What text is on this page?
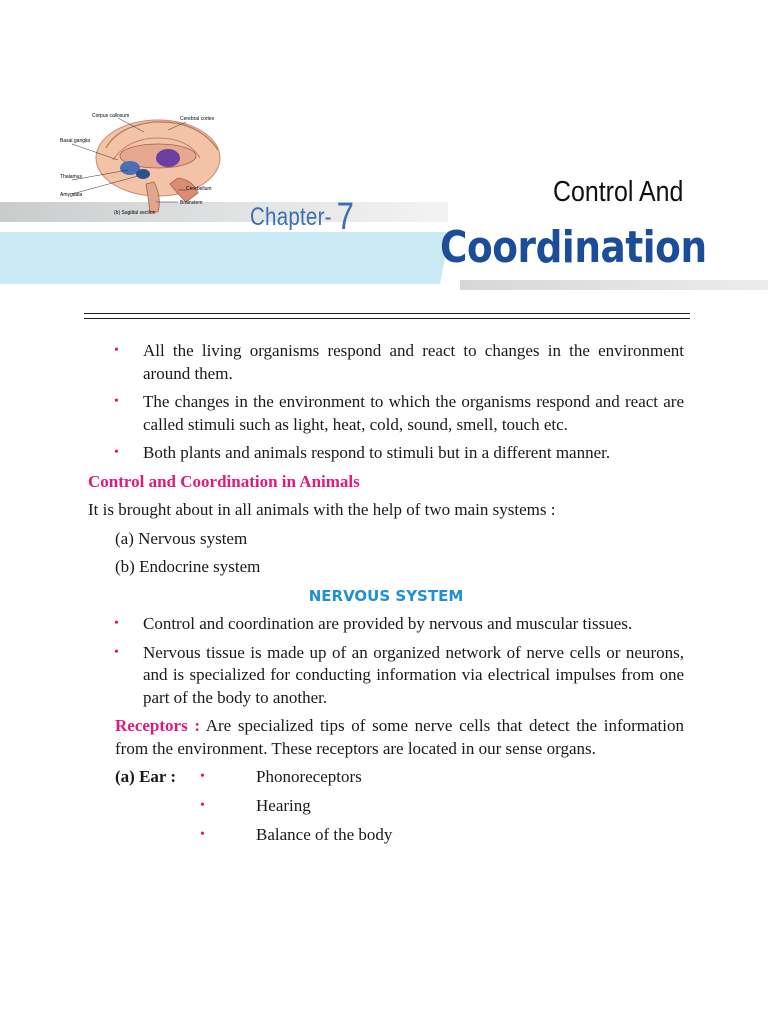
Corpus callosum	Cerebral cortex
Basal ganglia
Thalamus
Amygdala
Cerebellum
Brainstem
(b) Sagittal section	Chapter- 7
Control And
Coordination
• All the living organisms respond and react to changes in the environment around them.
• The changes in the environment to which the organisms respond and react are called stimuli such as light, heat, cold, sound, smell, touch etc.
• Both plants and animals respond to stimuli but in a different manner.
Control and Coordination in Animals
It is brought about in all animals with the help of two main systems :
(a) Nervous system
(b) Endocrine system
NERVOUS SYSTEM
• Control and coordination are provided by nervous and muscular tissues.
• Nervous tissue is made up of an organized network of nerve cells or neurons, and is specialized for conducting information via electrical impulses from one part of the body to another.
Receptors : Are specialized tips of some nerve cells that detect the information from the environment. These receptors are located in our sense organs.
(a) Ear : •	Phonoreceptors
•	Hearing
•	Balance of the body
